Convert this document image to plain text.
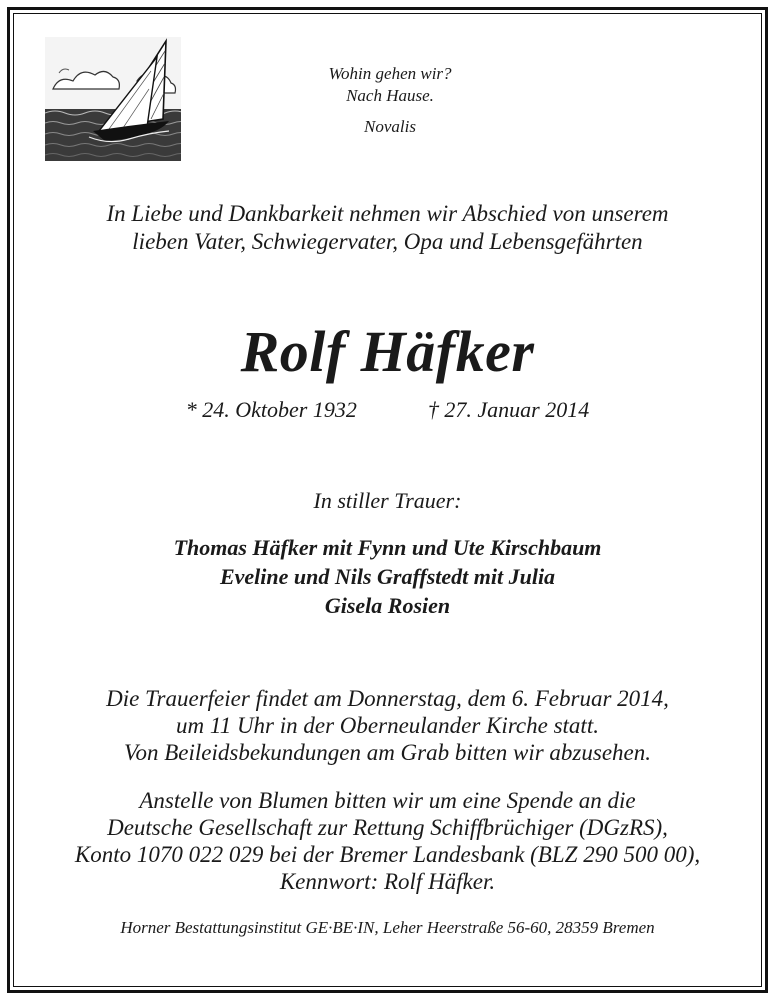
Wohin gehen wir?
Nach Hause.
Novalis
In Liebe und Dankbarkeit nehmen wir Abschied von unserem
lieben Vater, Schwiegervater, Opa und Lebensgefährten
Rolf Häfker
* 24. Oktober 1932	† 27. Januar 2014
In stiller Trauer:
Thomas Häfker mit Fynn und Ute Kirschbaum
Eveline und Nils Graffstedt mit Julia
Gisela Rosien
Die Trauerfeier findet am Donnerstag, dem 6. Februar 2014,
um 11 Uhr in der Oberneulander Kirche statt.
Von Beileidsbekundungen am Grab bitten wir abzusehen.
Anstelle von Blumen bitten wir um eine Spende an die
Deutsche Gesellschaft zur Rettung Schiffbrüchiger (DGzRS),
Konto 1070 022 029 bei der Bremer Landesbank (BLZ 290 500 00),
Kennwort: Rolf Häfker.
Horner Bestattungsinstitut GE·BE·IN, Leher Heerstraße 56-60, 28359 Bremen
